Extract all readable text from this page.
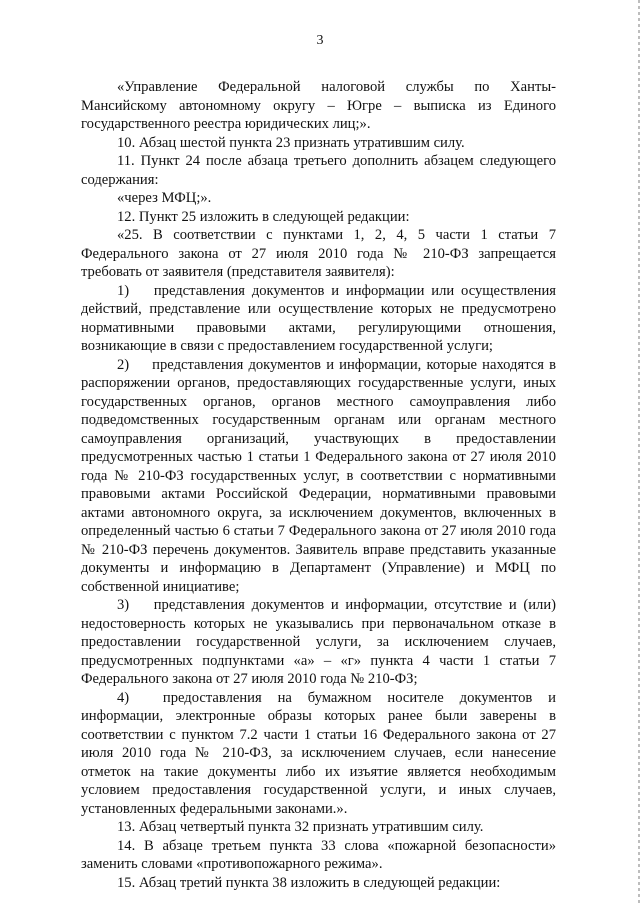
3

«Управление Федеральной налоговой службы по Ханты-Мансийскому автономному округу – Югре – выписка из Единого государственного реестра юридических лиц;».

10. Абзац шестой пункта 23 признать утратившим силу.

11. Пункт 24 после абзаца третьего дополнить абзацем следующего содержания:

«через МФЦ;».

12. Пункт 25 изложить в следующей редакции:

«25. В соответствии с пунктами 1, 2, 4, 5 части 1 статьи 7 Федерального закона от 27 июля 2010 года № 210-ФЗ запрещается требовать от заявителя (представителя заявителя):

1) представления документов и информации или осуществления действий, представление или осуществление которых не предусмотрено нормативными правовыми актами, регулирующими отношения, возникающие в связи с предоставлением государственной услуги;

2) представления документов и информации, которые находятся в распоряжении органов, предоставляющих государственные услуги, иных государственных органов, органов местного самоуправления либо подведомственных государственным органам или органам местного самоуправления организаций, участвующих в предоставлении предусмотренных частью 1 статьи 1 Федерального закона от 27 июля 2010 года № 210-ФЗ государственных услуг, в соответствии с нормативными правовыми актами Российской Федерации, нормативными правовыми актами автономного округа, за исключением документов, включенных в определенный частью 6 статьи 7 Федерального закона от 27 июля 2010 года № 210-ФЗ перечень документов. Заявитель вправе представить указанные документы и информацию в Департамент (Управление) и МФЦ по собственной инициативе;

3) представления документов и информации, отсутствие и (или) недостоверность которых не указывались при первоначальном отказе в предоставлении государственной услуги, за исключением случаев, предусмотренных подпунктами «а» – «г» пункта 4 части 1 статьи 7 Федерального закона от 27 июля 2010 года № 210-ФЗ;

4) предоставления на бумажном носителе документов и информации, электронные образы которых ранее были заверены в соответствии с пунктом 7.2 части 1 статьи 16 Федерального закона от 27 июля 2010 года № 210-ФЗ, за исключением случаев, если нанесение отметок на такие документы либо их изъятие является необходимым условием предоставления государственной услуги, и иных случаев, установленных федеральными законами.».

13. Абзац четвертый пункта 32 признать утратившим силу.

14. В абзаце третьем пункта 33 слова «пожарной безопасности» заменить словами «противопожарного режима».

15. Абзац третий пункта 38 изложить в следующей редакции:
